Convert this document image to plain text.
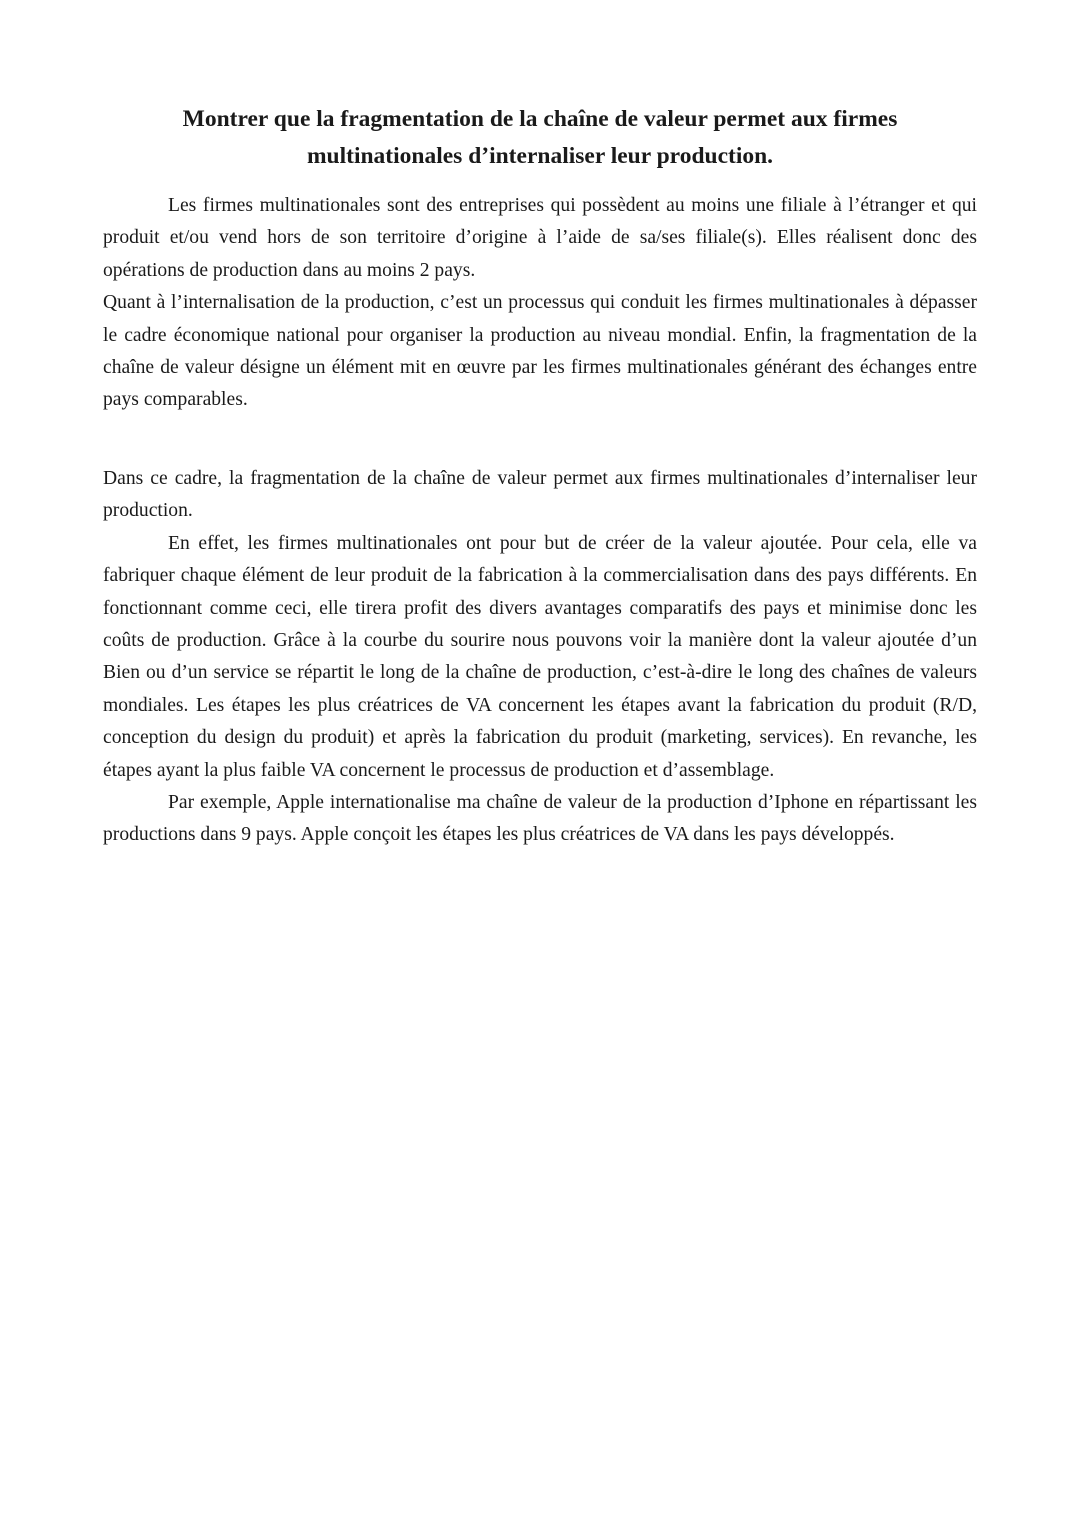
Montrer que la fragmentation de la chaîne de valeur permet aux firmes multinationales d’internaliser leur production.

Les firmes multinationales sont des entreprises qui possèdent au moins une filiale à l’étranger et qui produit et/ou vend hors de son territoire d’origine à l’aide de sa/ses filiale(s). Elles réalisent donc des opérations de production dans au moins 2 pays.

Quant à l’internalisation de la production, c’est un processus qui conduit les firmes multinationales à dépasser le cadre économique national pour organiser la production au niveau mondial. Enfin, la fragmentation de la chaîne de valeur désigne un élément mit en œuvre par les firmes multinationales générant des échanges entre pays comparables.

Dans ce cadre, la fragmentation de la chaîne de valeur permet aux firmes multinationales d’internaliser leur production.

En effet, les firmes multinationales ont pour but de créer de la valeur ajoutée. Pour cela, elle va fabriquer chaque élément de leur produit de la fabrication à la commercialisation dans des pays différents. En fonctionnant comme ceci, elle tirera profit des divers avantages comparatifs des pays et minimise donc les coûts de production. Grâce à la courbe du sourire nous pouvons voir la manière dont la valeur ajoutée d’un Bien ou d’un service se répartit le long de la chaîne de production, c’est-à-dire le long des chaînes de valeurs mondiales. Les étapes les plus créatrices de VA concernent les étapes avant la fabrication du produit (R/D, conception du design du produit) et après la fabrication du produit (marketing, services). En revanche, les étapes ayant la plus faible VA concernent le processus de production et d’assemblage.

Par exemple, Apple internationalise ma chaîne de valeur de la production d’Iphone en répartissant les productions dans 9 pays. Apple conçoit les étapes les plus créatrices de VA dans les pays développés.
